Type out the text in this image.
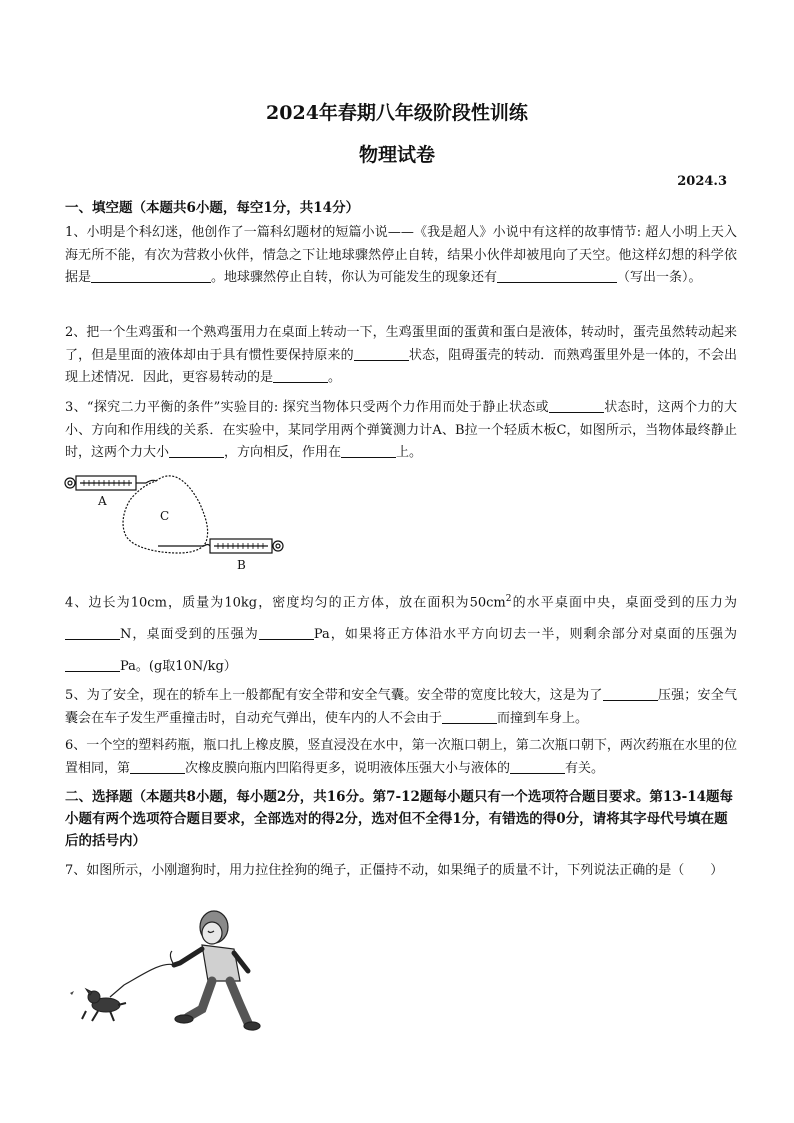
2024年春期八年级阶段性训练
物理试卷
2024.3
一、填空题（本题共6小题，每空1分，共14分）
1、小明是个科幻迷，他创作了一篇科幻题材的短篇小说——《我是超人》小说中有这样的故事情节: 超人小明上天入海无所不能，有次为营救小伙伴，情急之下让地球骤然停止自转，结果小伙伴却被甩向了天空。他这样幻想的科学依据是	。地球骤然停止自转，你认为可能发生的现象还有	（写出一条）。
2、把一个生鸡蛋和一个熟鸡蛋用力在桌面上转动一下，生鸡蛋里面的蛋黄和蛋白是液体，转动时，蛋壳虽然转动起来了，但是里面的液体却由于具有惯性要保持原来的	状态，阻碍蛋壳的转动．而熟鸡蛋里外是一体的，不会出现上述情况．因此，更容易转动的是	。
3、“探究二力平衡的条件”实验目的: 探究当物体只受两个力作用而处于静止状态或	状态时，这两个力的大小、方向和作用线的关系．在实验中，某同学用两个弹簧测力计A、B拉一个轻质木板C，如图所示，当物体最终静止时，这两个力大小	，方向相反，作用在	上。
A
C
B
4、边长为10cm，质量为10kg，密度均匀的正方体，放在面积为$50cm^2$的水平桌面中央，桌面受到的压力为N，桌面受到的压强为	Pa，如果将正方体沿水平方向切去一半，则剩余部分对桌面的压强为Pa。(g取10N/kg）
5、为了安全，现在的轿车上一般都配有安全带和安全气囊。安全带的宽度比较大，这是为了	压强；安全气囊会在车子发生严重撞击时，自动充气弹出，使车内的人不会由于	而撞到车身上。
6、一个空的塑料药瓶，瓶口扎上橡皮膜，竖直浸没在水中，第一次瓶口朝上，第二次瓶口朝下，两次药瓶在水里的位置相同，第	次橡皮膜向瓶内凹陷得更多，说明液体压强大小与液体的	有关。
二、选择题（本题共8小题，每小题2分，共16分。第7-12题每小题只有一个选项符合题目要求。第13-14题每小题有两个选项符合题目要求，全部选对的得2分，选对但不全得1分，有错选的得0分，请将其字母代号填在题后的括号内）
7、如图所示，小刚遛狗时，用力拉住拴狗的绳子，正僵持不动，如果绳子的质量不计，下列说法正确的是（　　）
